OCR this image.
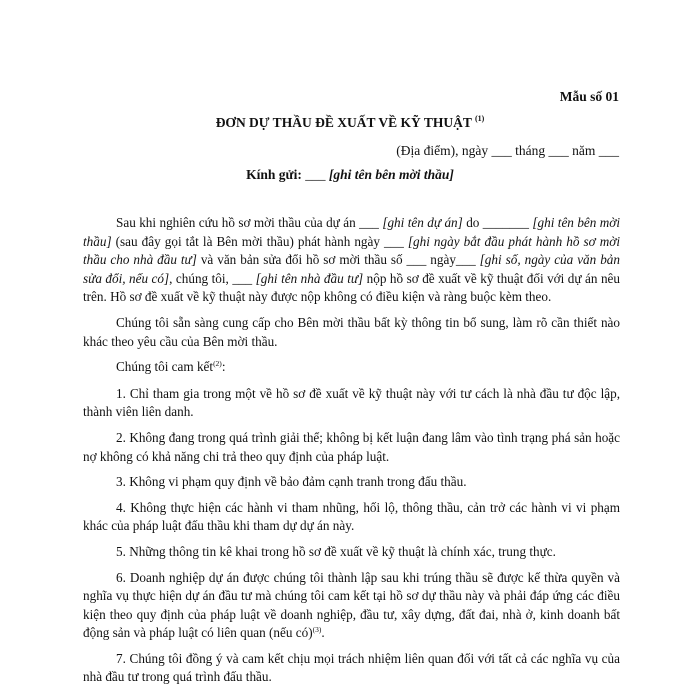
Mẫu số 01
ĐƠN DỰ THẦU ĐỀ XUẤT VỀ KỸ THUẬT $^{(1)}$
(Địa điểm), ngày ___ tháng ___ năm ___
Kính gửi: ___ [ghi tên bên mời thầu]

Sau khi nghiên cứu hồ sơ mời thầu của dự án ___ [ghi tên dự án] do _______ [ghi tên bên mời thầu] (sau đây gọi tắt là Bên mời thầu) phát hành ngày ___ [ghi ngày bắt đầu phát hành hồ sơ mời thầu cho nhà đầu tư] và văn bản sửa đổi hồ sơ mời thầu số ___ ngày___ [ghi số, ngày của văn bản sửa đổi, nếu có], chúng tôi, ___ [ghi tên nhà đầu tư] nộp hồ sơ đề xuất về kỹ thuật đối với dự án nêu trên. Hồ sơ đề xuất về kỹ thuật này được nộp không có điều kiện và ràng buộc kèm theo.

Chúng tôi sẵn sàng cung cấp cho Bên mời thầu bất kỳ thông tin bổ sung, làm rõ cần thiết nào khác theo yêu cầu của Bên mời thầu.

Chúng tôi cam kết$^{(2)}$:

1. Chỉ tham gia trong một về hồ sơ đề xuất về kỹ thuật này với tư cách là nhà đầu tư độc lập, thành viên liên danh.

2. Không đang trong quá trình giải thể; không bị kết luận đang lâm vào tình trạng phá sản hoặc nợ không có khả năng chi trả theo quy định của pháp luật.

3. Không vi phạm quy định về bảo đảm cạnh tranh trong đấu thầu.

4. Không thực hiện các hành vi tham nhũng, hối lộ, thông thầu, cản trở các hành vi vi phạm khác của pháp luật đấu thầu khi tham dự dự án này.

5. Những thông tin kê khai trong hồ sơ đề xuất về kỹ thuật là chính xác, trung thực.

6. Doanh nghiệp dự án được chúng tôi thành lập sau khi trúng thầu sẽ được kế thừa quyền và nghĩa vụ thực hiện dự án đầu tư mà chúng tôi cam kết tại hồ sơ dự thầu này và phải đáp ứng các điều kiện theo quy định của pháp luật về doanh nghiệp, đầu tư, xây dựng, đất đai, nhà ở, kinh doanh bất động sản và pháp luật có liên quan (nếu có)$^{(3)}$.

7. Chúng tôi đồng ý và cam kết chịu mọi trách nhiệm liên quan đối với tất cả các nghĩa vụ của nhà đầu tư trong quá trình đấu thầu.
